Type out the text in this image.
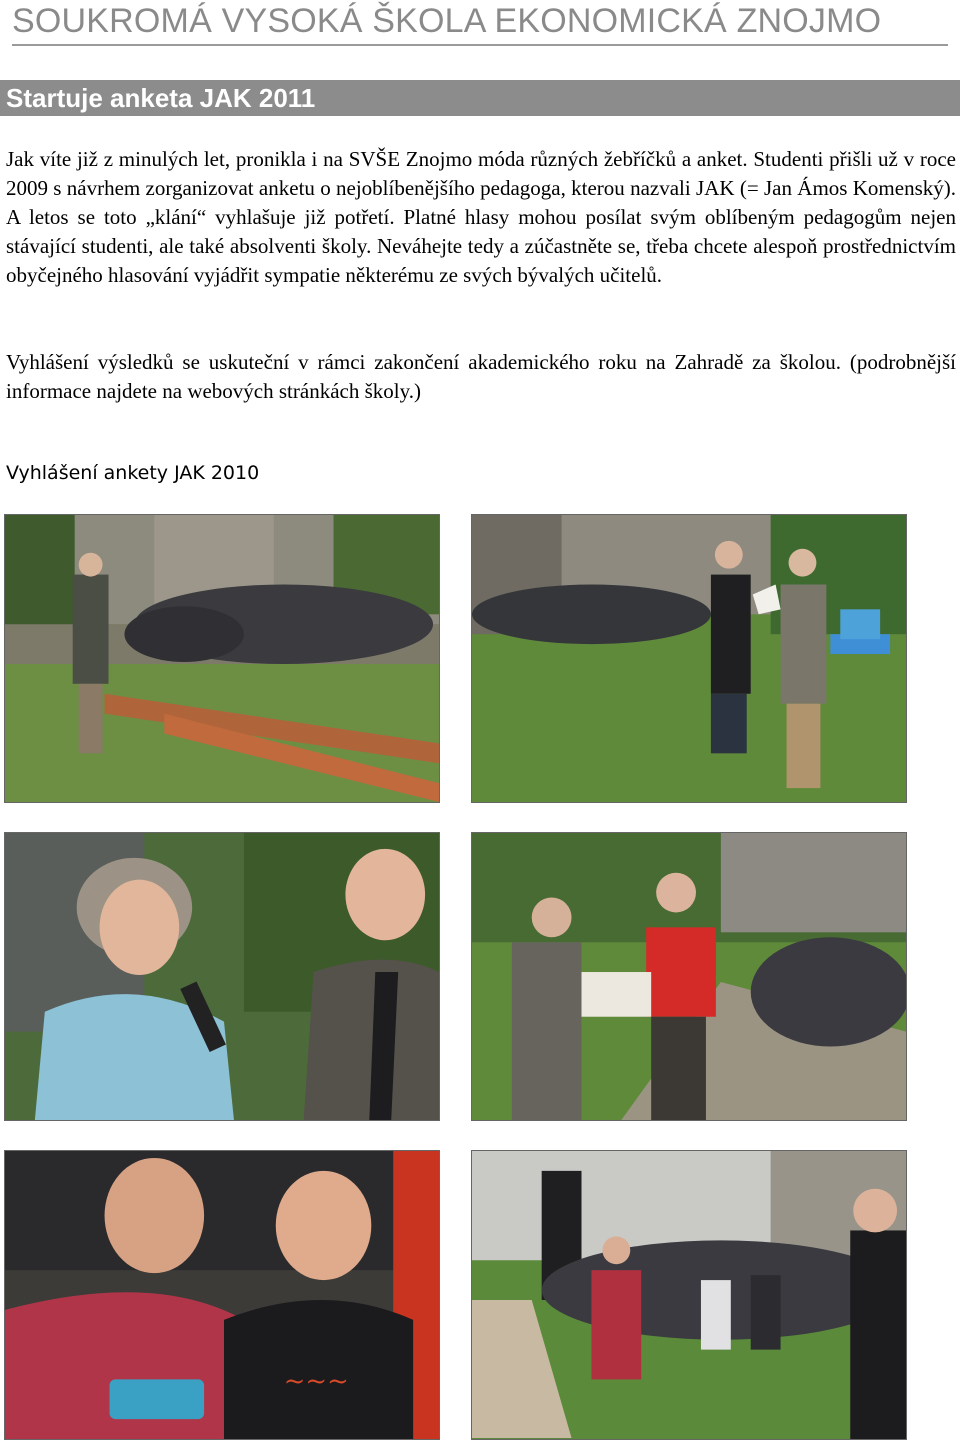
SOUKROMÁ VYSOKÁ ŠKOLA EKONOMICKÁ ZNOJMO
Startuje anketa JAK 2011

Jak víte již z minulých let, pronikla i na SVŠE Znojmo móda různých žebříčků a anket. Studenti přišli už v roce 2009 s návrhem zorganizovat anketu o nejoblíbenějšího pedagoga, kterou nazvali JAK (= Jan Ámos Komenský). A letos se toto „klání“ vyhlašuje již potřetí. Platné hlasy mohou posílat svým oblíbeným pedagogům nejen stávající studenti, ale také absolventi školy. Neváhejte tedy a zúčastněte se, třeba chcete alespoň prostřednictvím obyčejného hlasování vyjádřit sympatie některému ze svých bývalých učitelů.

Vyhlášení výsledků se uskuteční v rámci zakončení akademického roku na Zahradě za školou. (podrobnější informace najdete na webových stránkách školy.)

Vyhlášení ankety JAK 2010
~~~
